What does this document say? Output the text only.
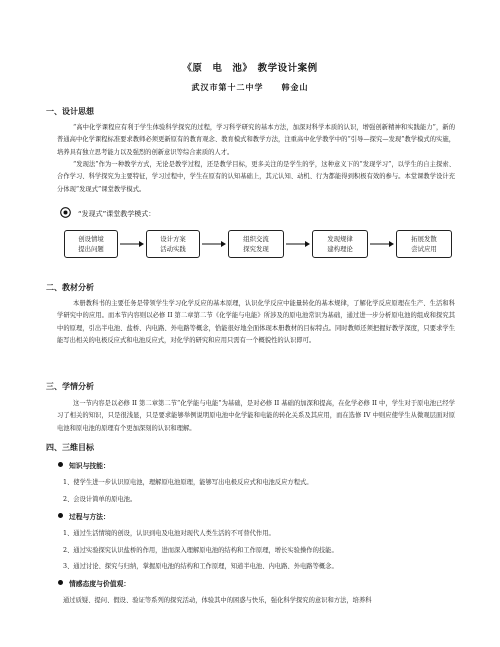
《原　电　池》　教学设计案例
武汉市第十二中学　　韩金山
一、设计思想
“高中化学课程应有利于学生体验科学探究的过程，学习科学研究的基本方法，加深对科学本质的认识，增强创新精神和实践能力”，新的普通高中化学课程标准要求教师必须更新原有的教育观念、教育模式和教学方法，注重高中化学教学中的“引导—探究—发现”教学模式的实施，培养具有独立思考能力以及强烈的创新意识等综合素质的人才。
“发现法”作为一种教学方式，无论是教学过程，还是教学目标，更多关注的是学生的学，这种意义下的“发现学习”，以学生的自主探索、合作学习、科学探究为主要特征，学习过程中，学生在原有的认知基础上，其元认知、动机、行为都能得到积极有效的参与。本堂课教学设计充分体现“发现式”课堂教学模式。
“发现式”课堂教学模式：
创设情境
提出问题
设计方案
活动实践
组织交流
探究发现
发现规律
建构理论
拓展发散
尝试应用
二、教材分析
本册教科书的主要任务是带领学生学习化学反应的基本原理，认识化学反应中能量转化的基本规律，了解化学反应原理在生产、生活和科学研究中的应用。而本节内容则以必修 II 第二章第二节《化学能与电能》所涉及的原电池常识为基础，通过进一步分析原电池的组成和探究其中的原理，引出半电池、盐桥、内电路、外电路等概念，恰能很好地全面体现本册教材的目标特点。同时教师还须把握好教学深度，只要求学生能写出相关的电极反应式和电池反应式，对化学的研究和应用只需有一个概貌性的认识即可。
三、学情分析
这一节内容是以必修 II 第二章第二节“化学能与电能”为基础，是对必修 II 基础的加深和提高，在化学必修 II 中，学生对于原电池已经学习了相关的知识，只是很浅显，只是要求能够举例说明原电池中化学能和电能的转化关系及其应用，而在选修 IV 中则应使学生从微观层面对原电池和原电池的原理有个更加深刻的认识和理解。
四、三维目标
知识与技能：
1、使学生进一步认识原电池，理解原电池原理，能够写出电极反应式和电池反应方程式。
2、会设计简单的原电池。
过程与方法：
1、通过生活情境的创设，认识到电及电池对现代人类生活的不可替代作用。
2、通过实验探究认识盐桥的作用，进而深入理解原电池的结构和工作原理，增长实验操作的技能。
3、通过讨论、探究与归纳，掌握原电池的结构和工作原理，知道半电池、内电路、外电路等概念。
情感态度与价值观：
通过质疑、提问、假设、验证等系列的探究活动，体验其中的困惑与快乐，强化科学探究的意识和方法，培养科
